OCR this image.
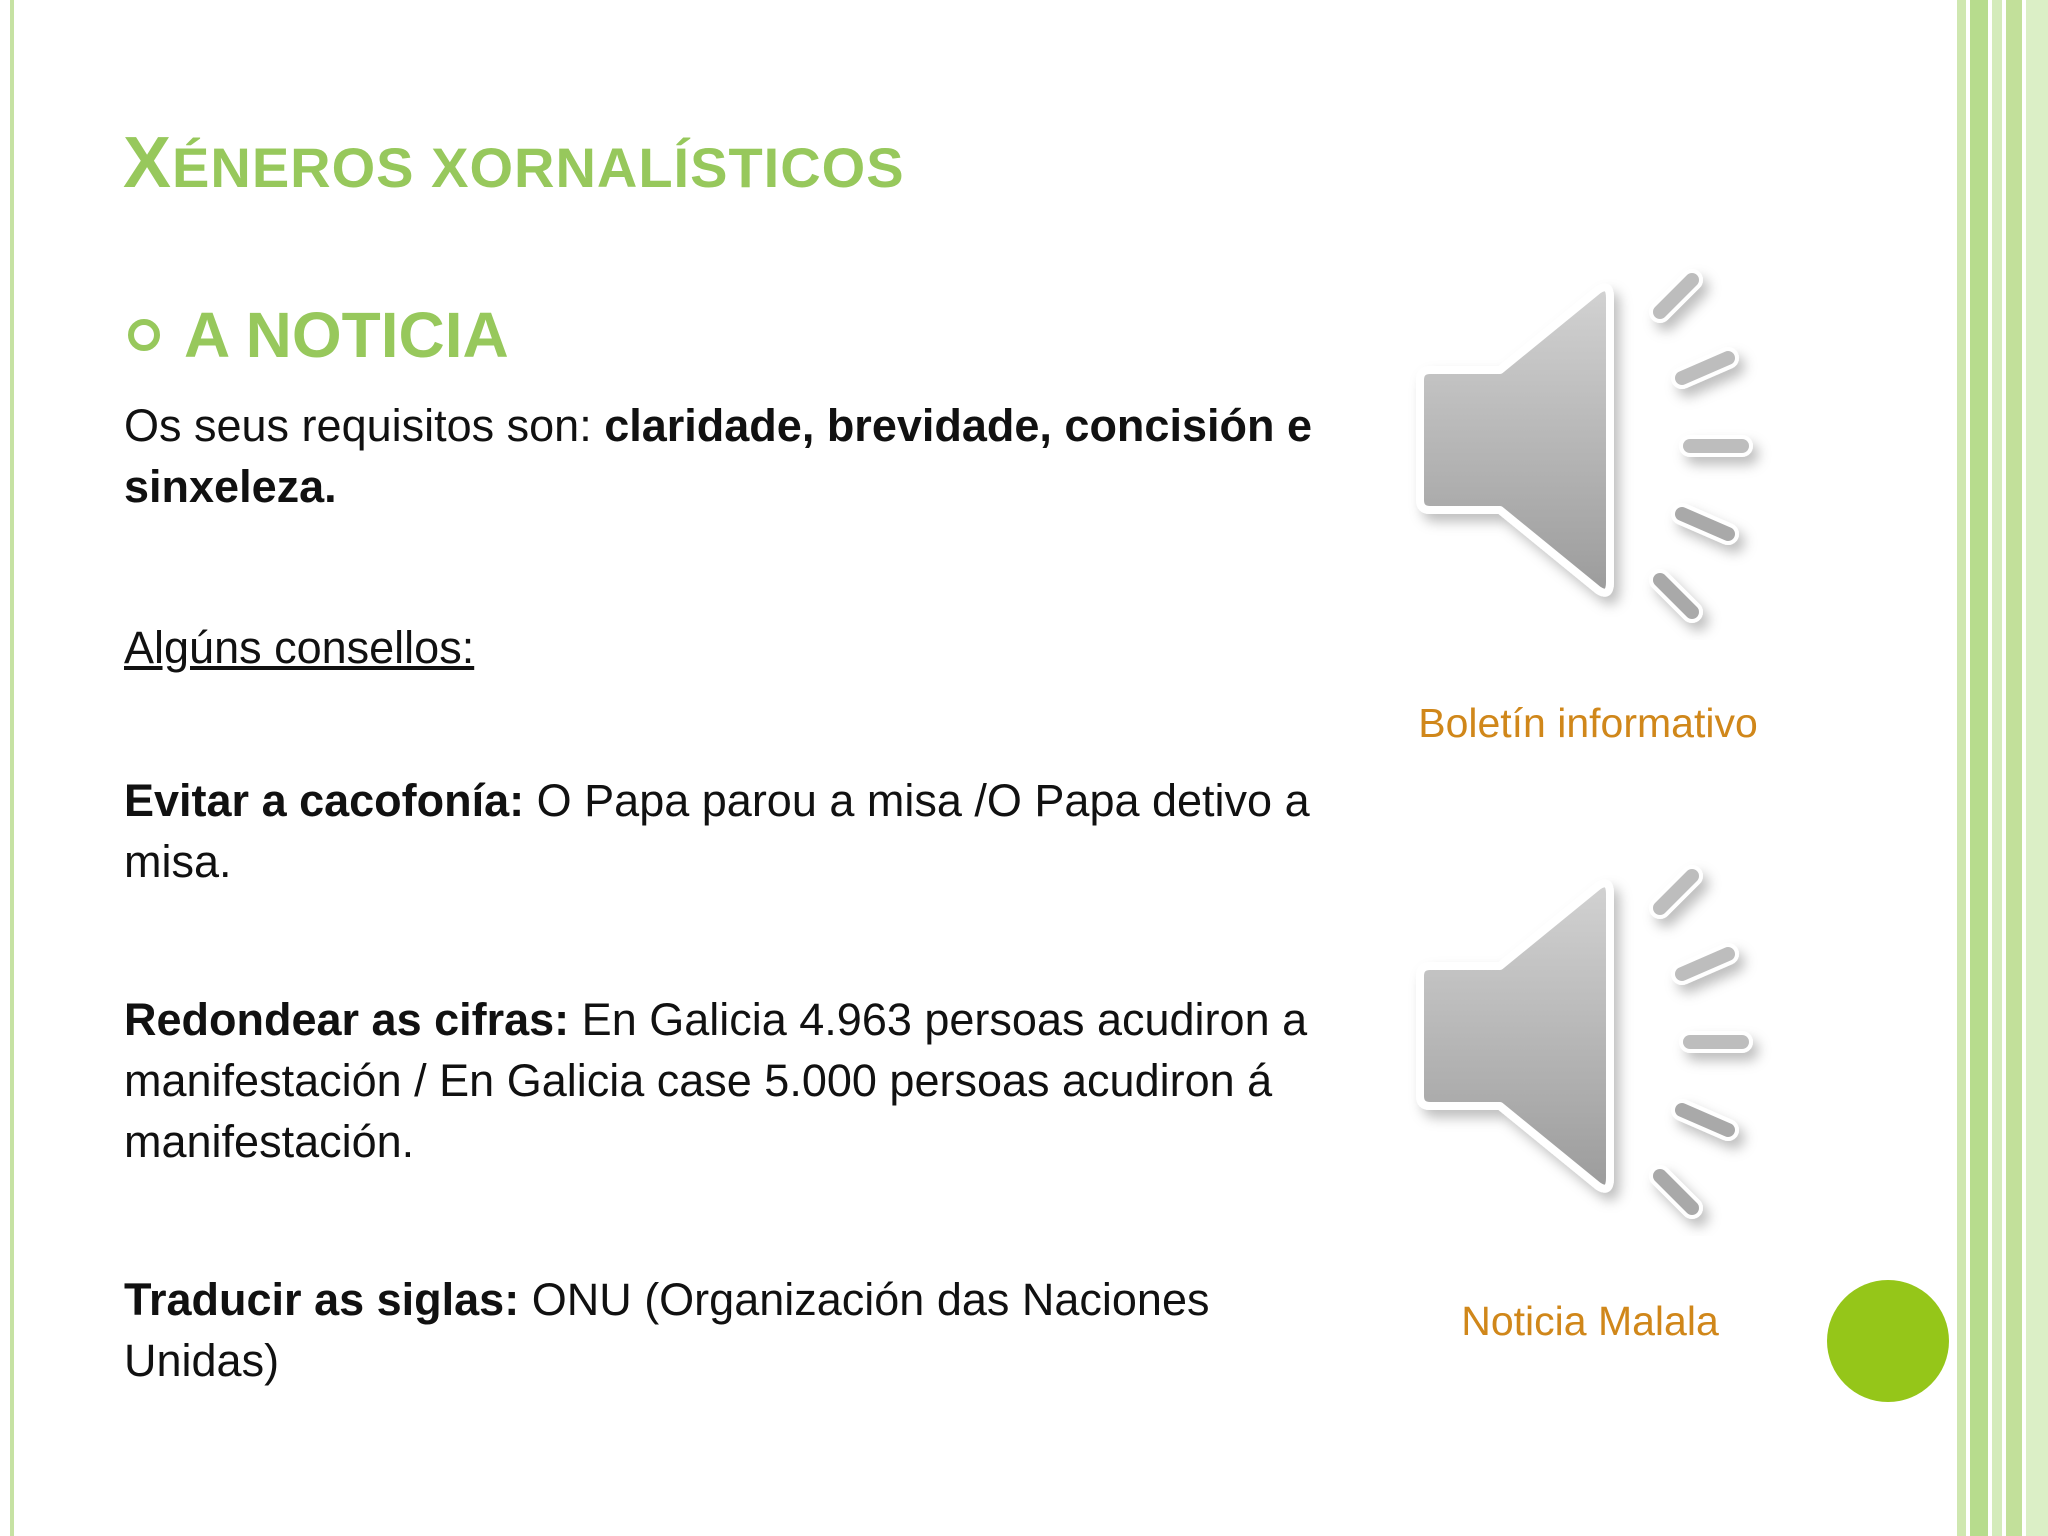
XÉNEROS XORNALÍSTICOS
A NOTICIA
Os seus requisitos son: claridade, brevidade, concisión e sinxeleza.
Algúns consellos:
Evitar a cacofonía: O Papa parou a misa /O Papa detivo a misa.
Redondear as cifras: En Galicia 4.963 persoas acudiron a manifestación / En Galicia case 5.000 persoas acudiron á manifestación.
Traducir as siglas: ONU (Organización das Naciones Unidas)
Boletín informativo
Noticia Malala
